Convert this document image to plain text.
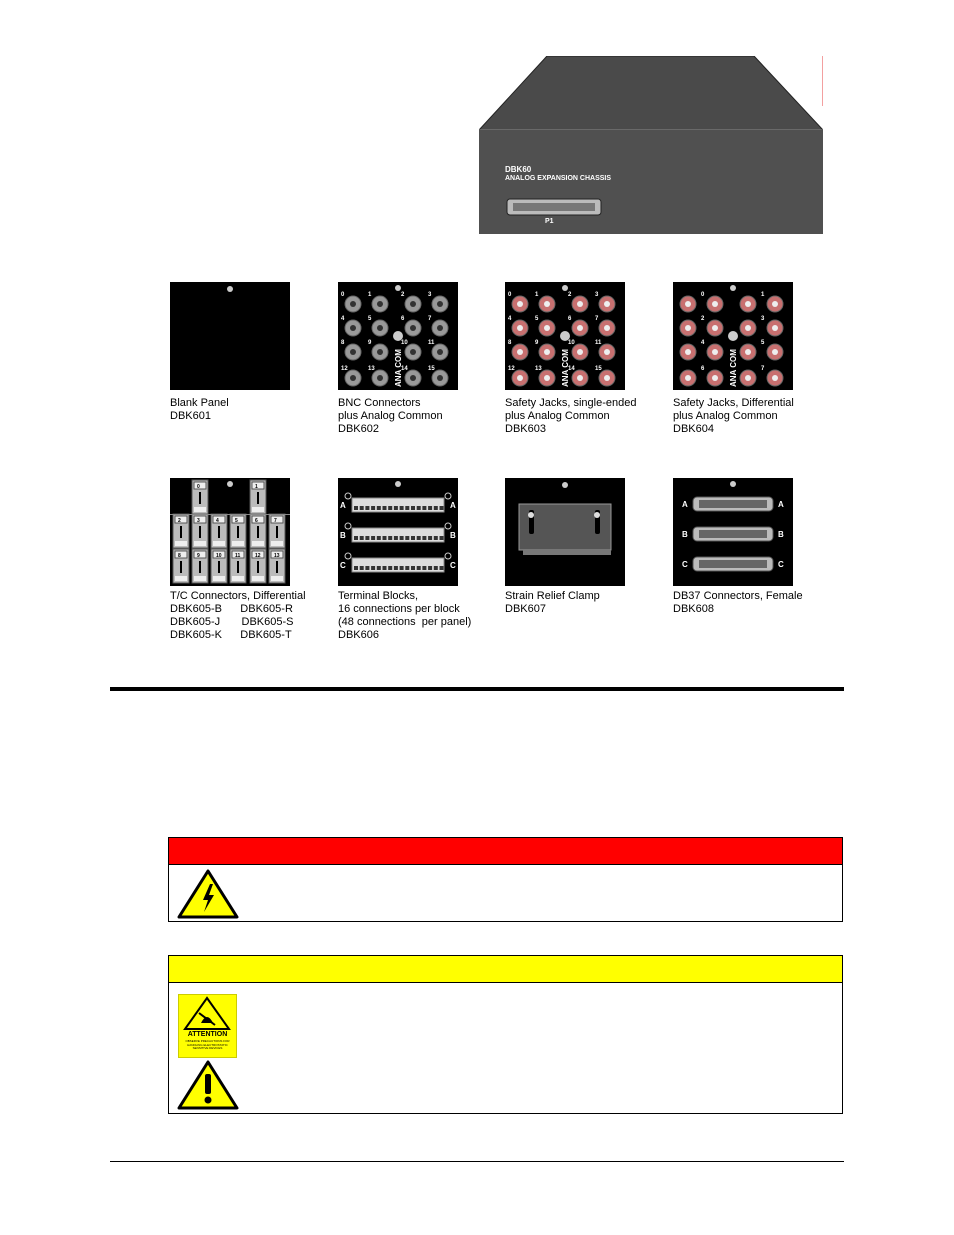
DBK60
ANALOG EXPANSION CHASSIS
P1
Blank Panel
DBK601
0	1	2	3
4	5	6	7
8	9	10	11
12	13	14	15
ANA COM
BNC Connectors
plus Analog Common
DBK602
0	1	2	3
4	5	6	7
8	9	10	11
12	13	14	15
ANA COM
Safety Jacks, single-ended
plus Analog Common
DBK603
0	1
2	3
4	5
6	7
ANA COM
Safety Jacks, Differential
plus Analog Common
DBK604
0	1
2	3	4	5	6	7
8	9	10	11	12	13
T/C Connectors, Differential
DBK605-B      DBK605-R
DBK605-J       DBK605-S
DBK605-K      DBK605-T
A	A
B	B
C	C
Terminal Blocks,
16 connections per block
(48 connections  per panel)
DBK606
Strain Relief Clamp
DBK607
A	A
B	B
C	C
DB37 Connectors, Female
DBK608
ATTENTION
OBSERVE PRECAUTIONS FOR HANDLING ELECTROSTATIC SENSITIVE DEVICES
